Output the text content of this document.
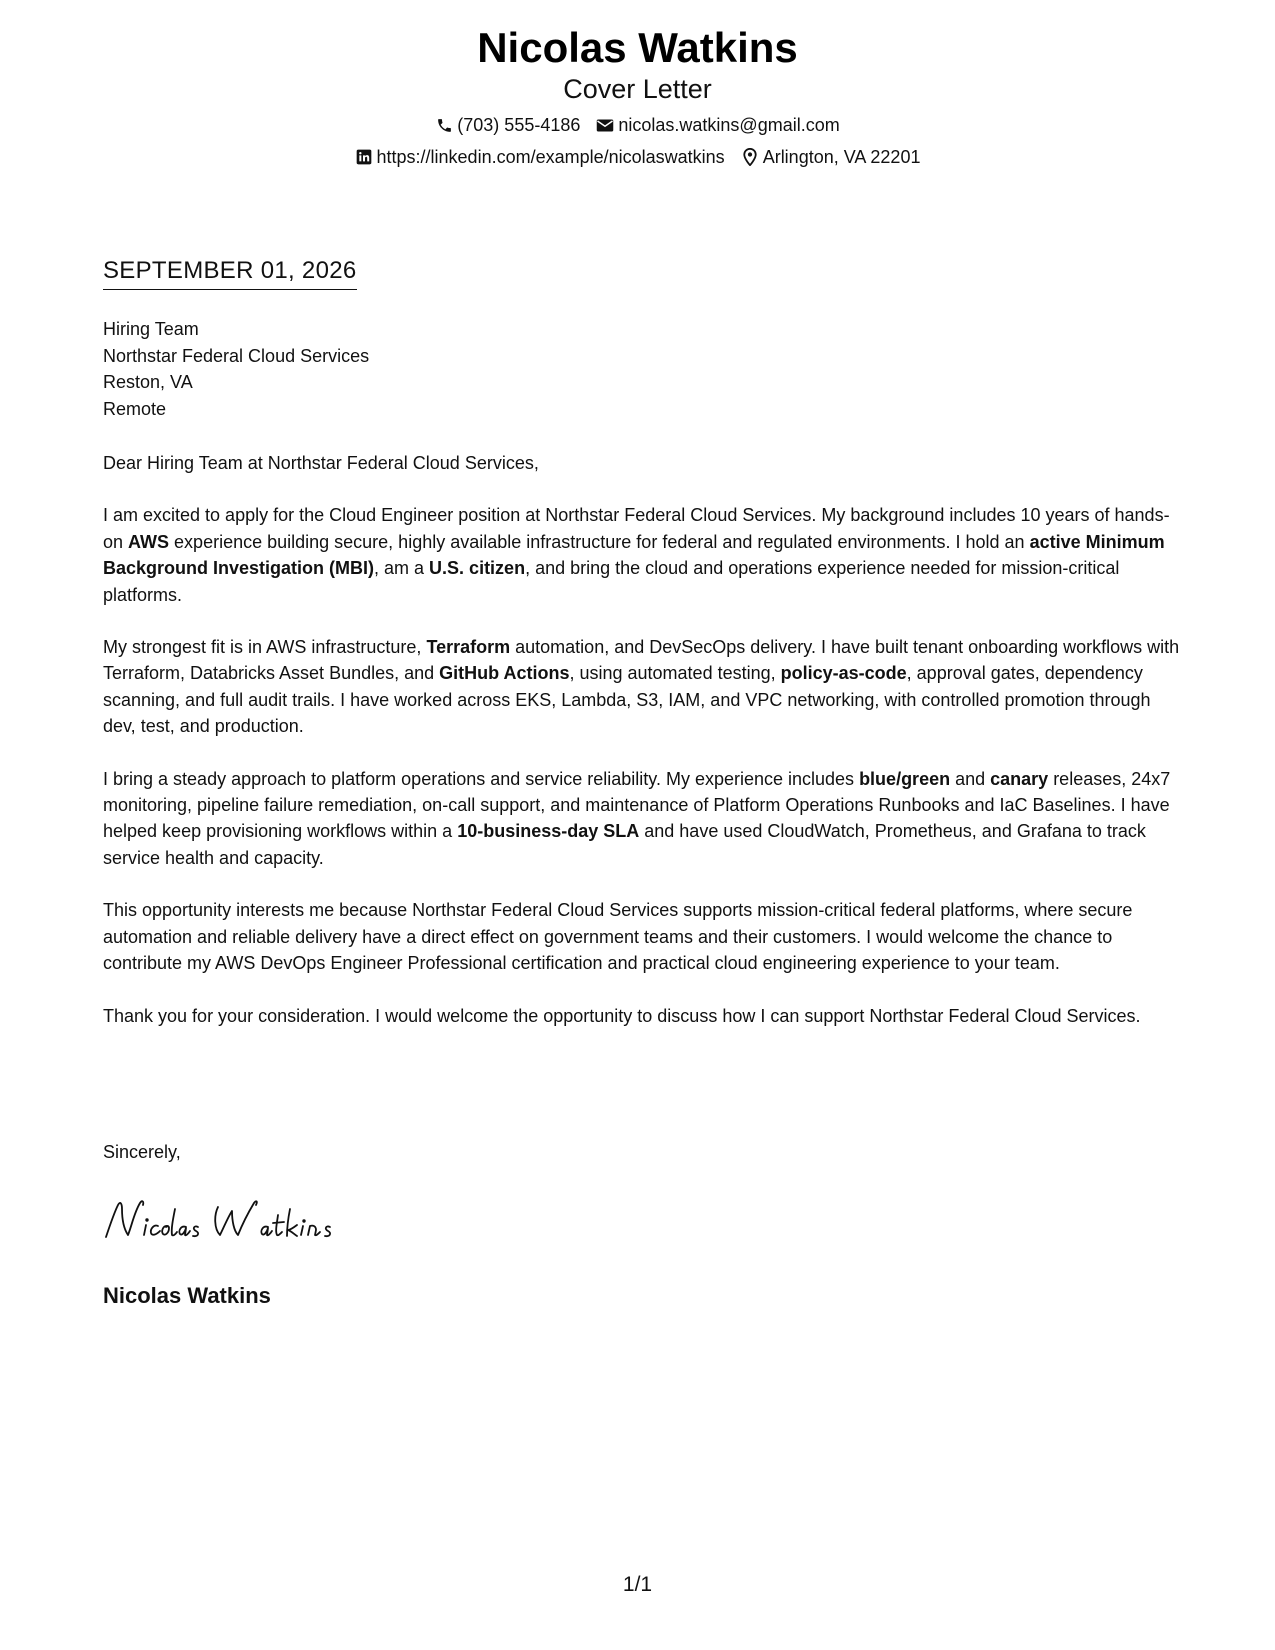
Nicolas Watkins
Cover Letter
(703) 555-4186 nicolas.watkins@gmail.com
https://linkedin.com/example/nicolaswatkins Arlington, VA 22201
SEPTEMBER 01, 2026
Hiring Team
Northstar Federal Cloud Services
Reston, VA
Remote

Dear Hiring Team at Northstar Federal Cloud Services,

I am excited to apply for the Cloud Engineer position at Northstar Federal Cloud Services. My background includes 10 years of hands-on AWS experience building secure, highly available infrastructure for federal and regulated environments. I hold an active Minimum Background Investigation (MBI), am a U.S. citizen, and bring the cloud and operations experience needed for mission-critical platforms.

My strongest fit is in AWS infrastructure, Terraform automation, and DevSecOps delivery. I have built tenant onboarding workflows with Terraform, Databricks Asset Bundles, and GitHub Actions, using automated testing, policy-as-code, approval gates, dependency scanning, and full audit trails. I have worked across EKS, Lambda, S3, IAM, and VPC networking, with controlled promotion through dev, test, and production.

I bring a steady approach to platform operations and service reliability. My experience includes blue/green and canary releases, 24x7 monitoring, pipeline failure remediation, on-call support, and maintenance of Platform Operations Runbooks and IaC Baselines. I have helped keep provisioning workflows within a 10-business-day SLA and have used CloudWatch, Prometheus, and Grafana to track service health and capacity.

This opportunity interests me because Northstar Federal Cloud Services supports mission-critical federal platforms, where secure automation and reliable delivery have a direct effect on government teams and their customers. I would welcome the chance to contribute my AWS DevOps Engineer Professional certification and practical cloud engineering experience to your team.

Thank you for your consideration. I would welcome the opportunity to discuss how I can support Northstar Federal Cloud Services.

Sincerely,
Nicolas Watkins
1/1
